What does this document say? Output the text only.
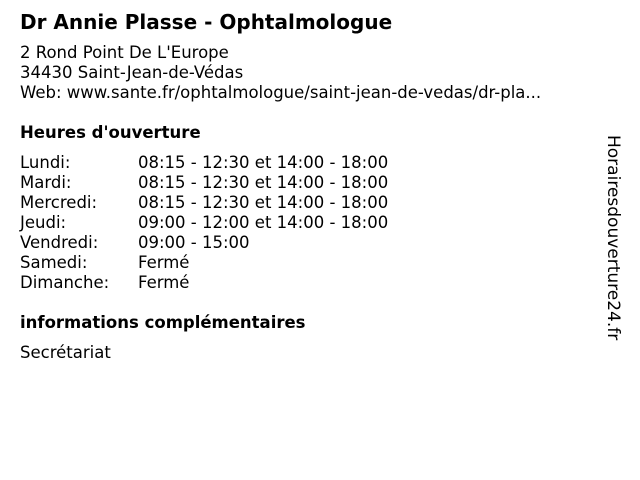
Dr Annie Plasse - Ophtalmologue
2 Rond Point De L'Europe
34430 Saint-Jean-de-Védas
Web: www.sante.fr/ophtalmologue/saint-jean-de-vedas/dr-pla...
Heures d'ouverture
Lundi:	08:15 - 12:30 et 14:00 - 18:00
Mardi:	08:15 - 12:30 et 14:00 - 18:00
Mercredi:	08:15 - 12:30 et 14:00 - 18:00
Jeudi:	09:00 - 12:00 et 14:00 - 18:00
Vendredi:	09:00 - 15:00
Samedi:	Fermé
Dimanche:	Fermé
informations complémentaires
Secrétariat
Horairesdouverture24.fr
